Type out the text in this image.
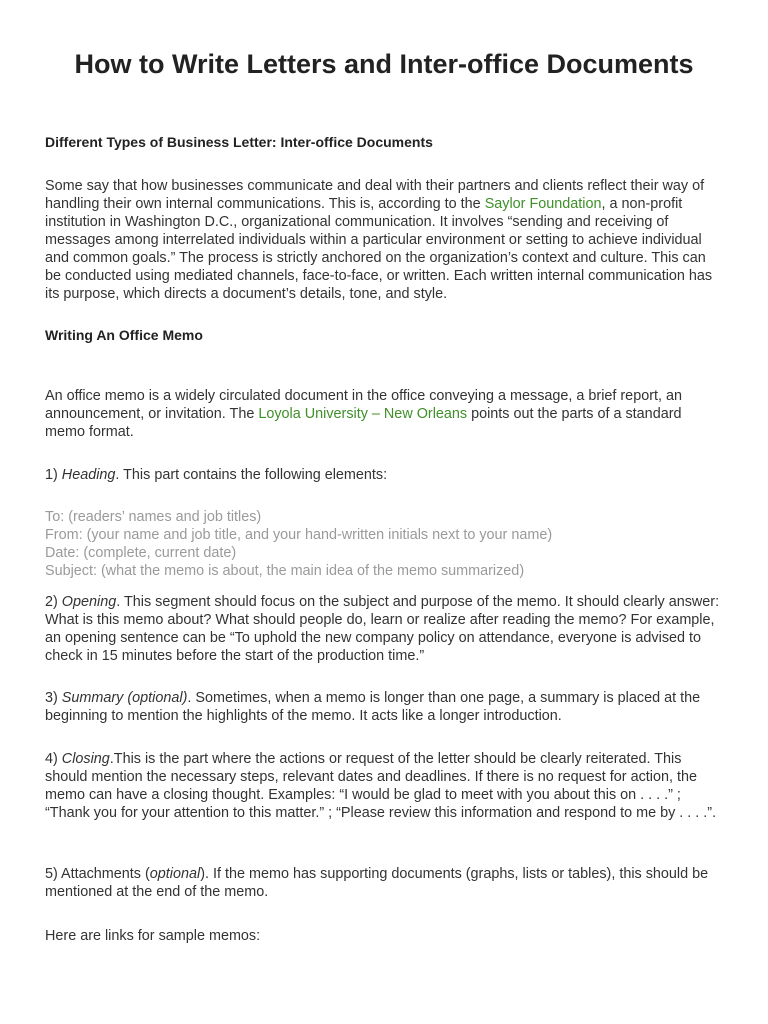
How to Write Letters and Inter-office Documents

Different Types of Business Letter: Inter-office Documents

Some say that how businesses communicate and deal with their partners and clients reflect their way of handling their own internal communications. This is, according to the Saylor Foundation, a non-profit institution in Washington D.C., organizational communication. It involves “sending and receiving of messages among interrelated individuals within a particular environment or setting to achieve individual and common goals.” The process is strictly anchored on the organization’s context and culture. This can be conducted using mediated channels, face-to-face, or written. Each written internal communication has its purpose, which directs a document’s details, tone, and style.

Writing An Office Memo

An office memo is a widely circulated document in the office conveying a message, a brief report, an announcement, or invitation. The Loyola University – New Orleans points out the parts of a standard memo format.

1) Heading. This part contains the following elements:

To: (readers’ names and job titles)
From: (your name and job title, and your hand-written initials next to your name)
Date: (complete, current date)
Subject: (what the memo is about, the main idea of the memo summarized)

2) Opening. This segment should focus on the subject and purpose of the memo. It should clearly answer: What is this memo about? What should people do, learn or realize after reading the memo? For example, an opening sentence can be “To uphold the new company policy on attendance, everyone is advised to check in 15 minutes before the start of the production time.”

3) Summary (optional). Sometimes, when a memo is longer than one page, a summary is placed at the beginning to mention the highlights of the memo. It acts like a longer introduction.

4) Closing.This is the part where the actions or request of the letter should be clearly reiterated. This should mention the necessary steps, relevant dates and deadlines. If there is no request for action, the memo can have a closing thought. Examples: “I would be glad to meet with you about this on . . . .” ; “Thank you for your attention to this matter.” ; “Please review this information and respond to me by . . . .”.

5) Attachments (optional). If the memo has supporting documents (graphs, lists or tables), this should be mentioned at the end of the memo.

Here are links for sample memos:
